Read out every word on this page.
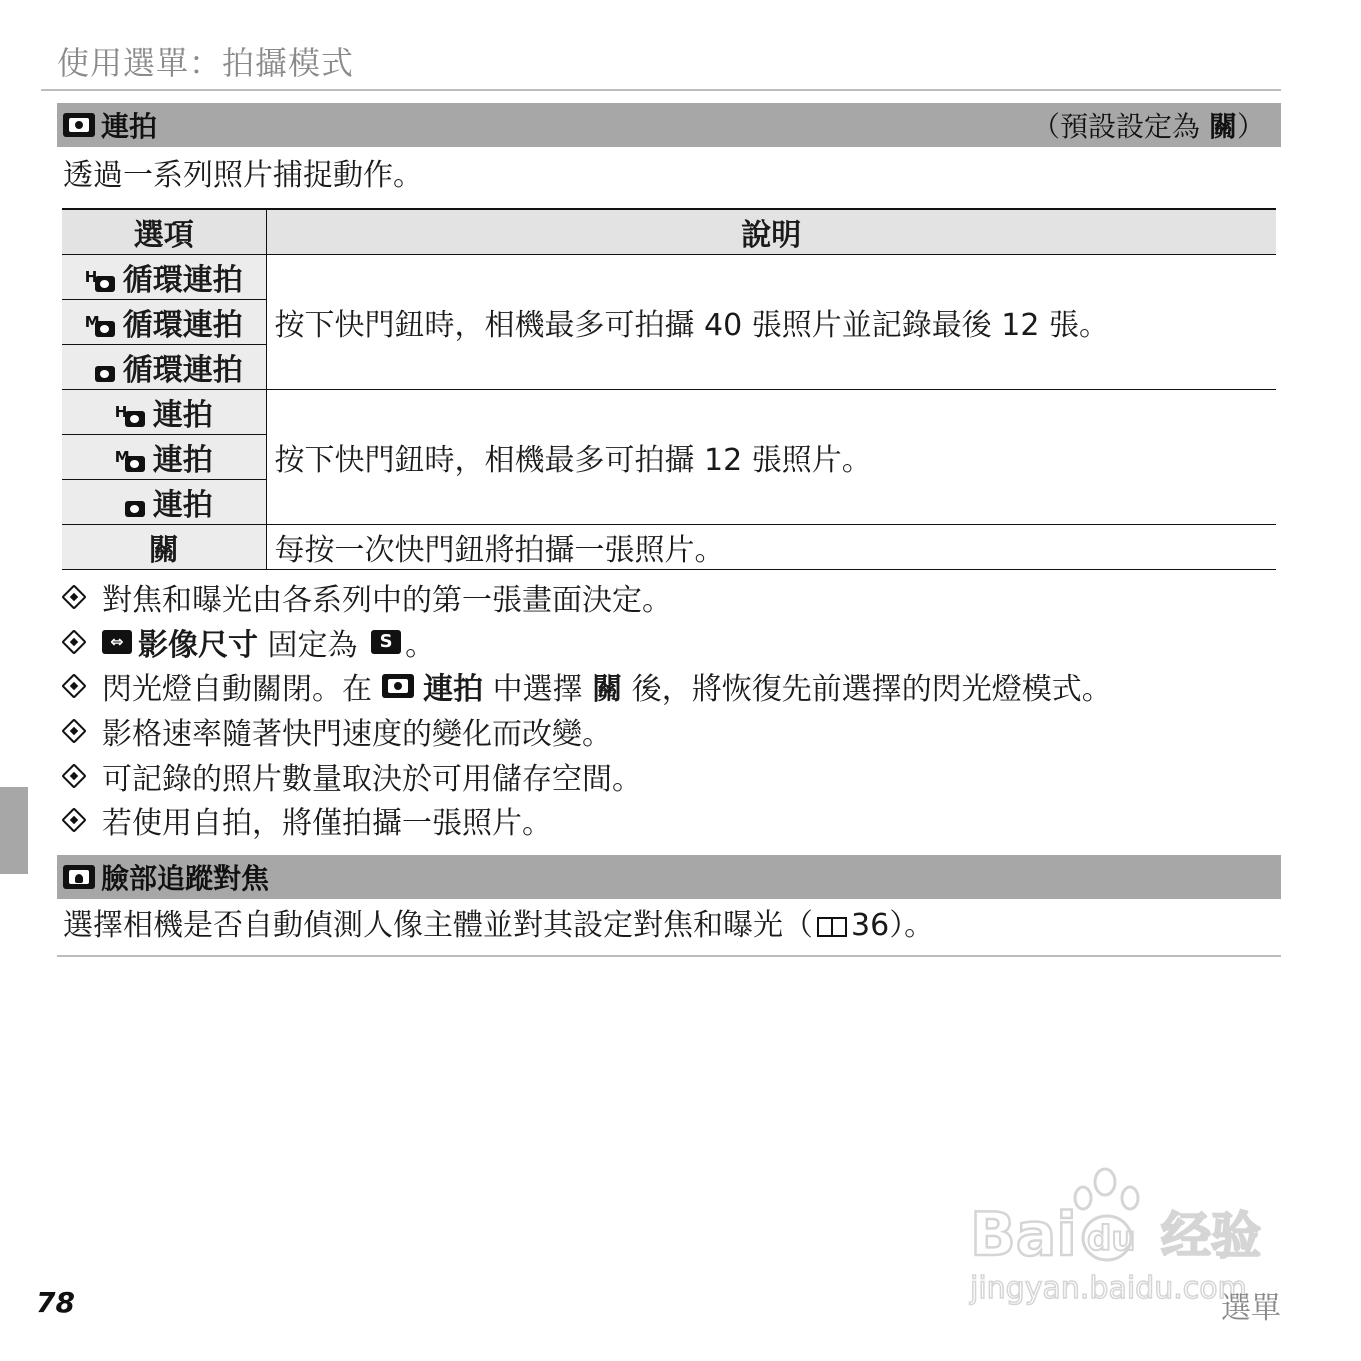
使用選單：拍攝模式
連拍	（預設設定為 關）
透過一系列照片捕捉動作。
選項	說明

H 循環連拍	按下快門鈕時，相機最多可拍攝 40 張照片並記錄最後 12 張。

M 循環連拍	

循環連拍	

H 連拍	按下快門鈕時，相機最多可拍攝 12 張照片。

M 連拍	

連拍	
關	每按一次快門鈕將拍攝一張照片。
對焦和曝光由各系列中的第一張畫面決定。
⇔ 影像尺寸
固定為
	S 。
閃光燈自動關閉。在

連拍
中選擇
關
後，將恢復先前選擇的閃光燈模式。
影格速率隨著快門速度的變化而改變。
可記錄的照片數量取決於可用儲存空間。
若使用自拍，將僅拍攝一張照片。
臉部追蹤對焦
選擇相機是否自動偵測人像主體並對其設定對焦和曝光（ 36）。
Bai du 经验
jingyan.baidu.com
78	選單
